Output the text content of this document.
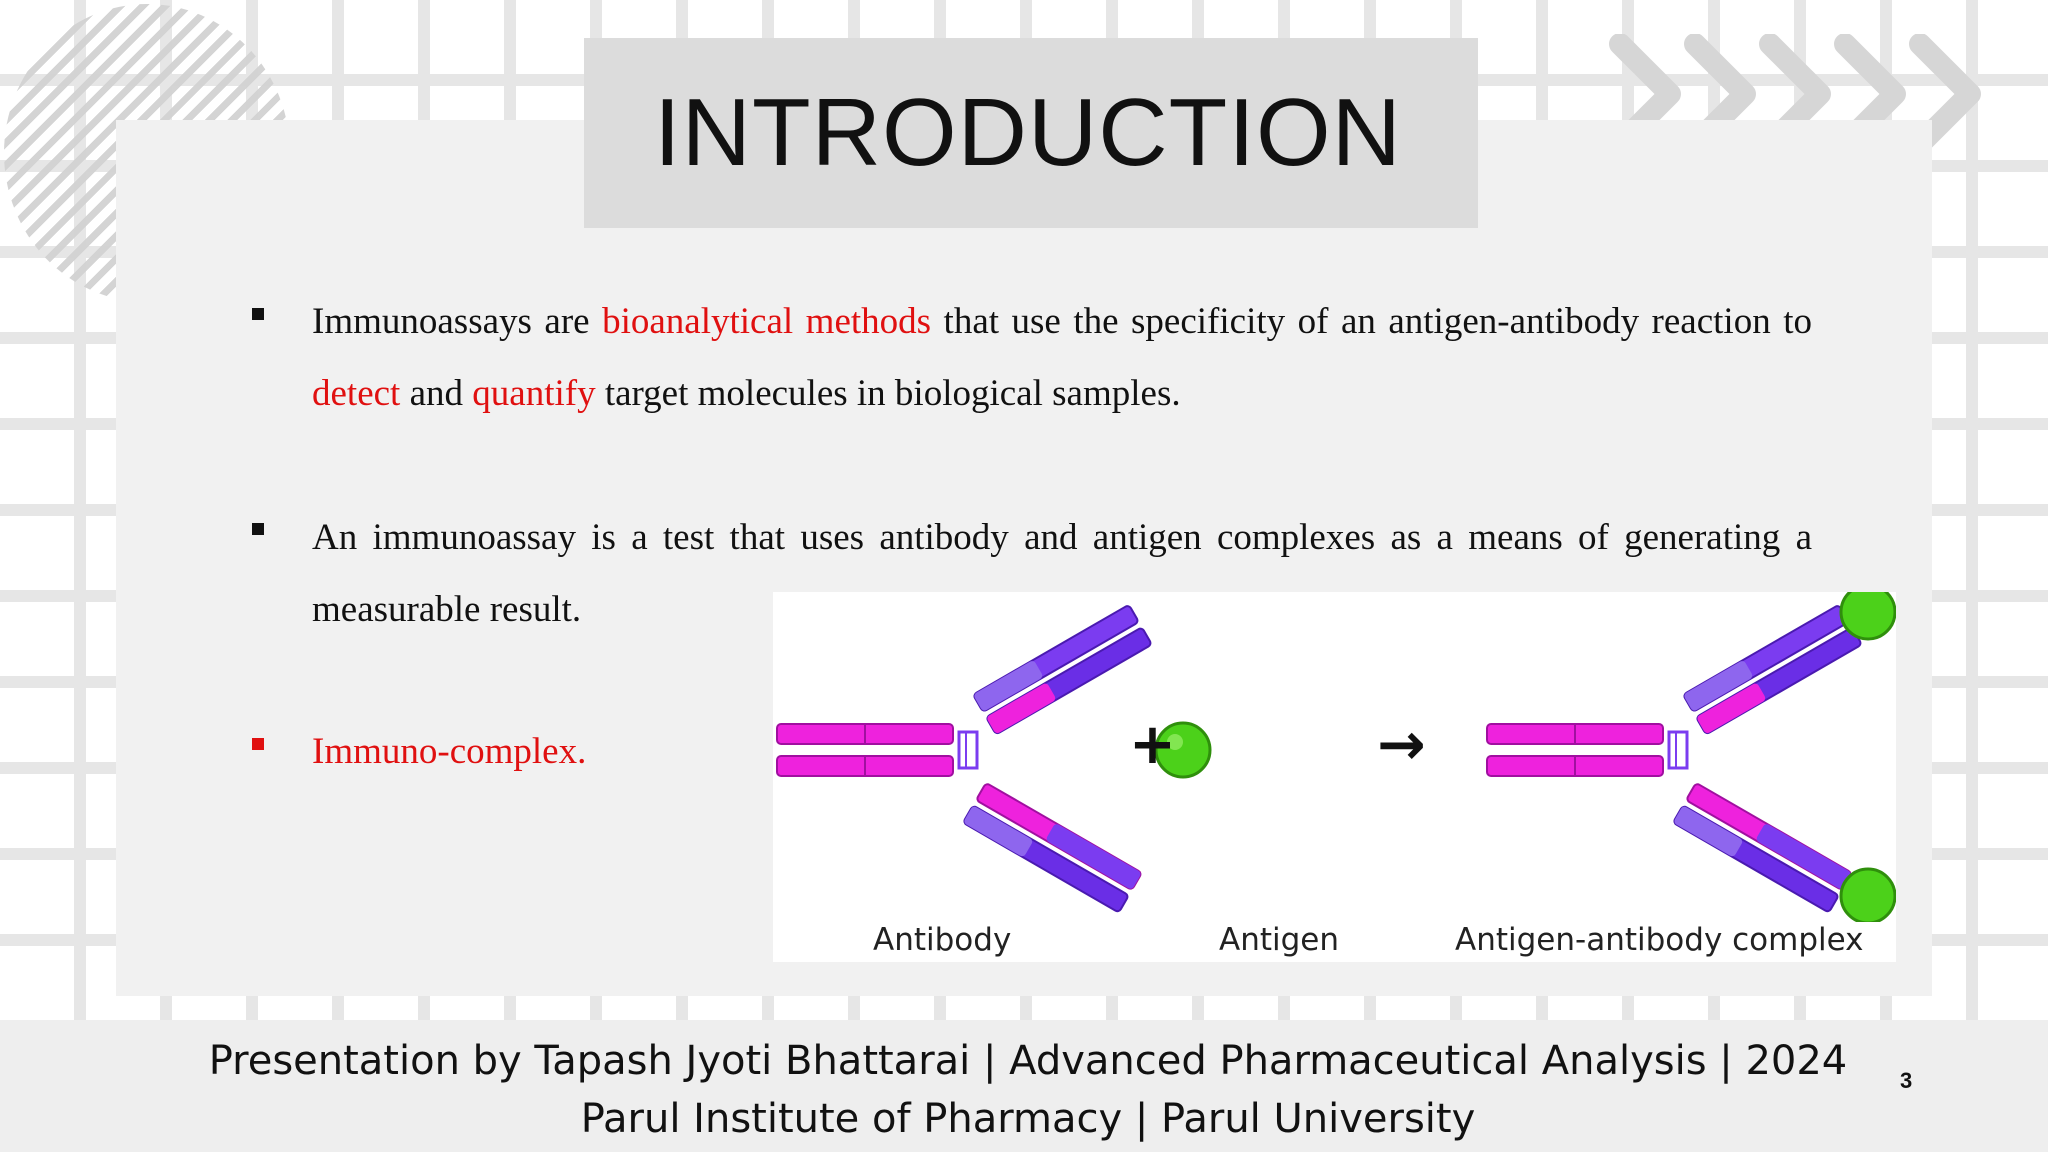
INTRODUCTION
Immunoassays are bioanalytical methods that use the specificity of an antigen-antibody reaction to detect and quantify target molecules in biological samples.
An immunoassay is a test that uses antibody and antigen complexes as a means of generating a measurable result.
Immuno-complex.	+	→
Antibody	Antigen	Antigen-antibody complex
Presentation by Tapash Jyoti Bhattarai | Advanced Pharmaceutical Analysis | 2024
Parul Institute of Pharmacy | Parul University
3
